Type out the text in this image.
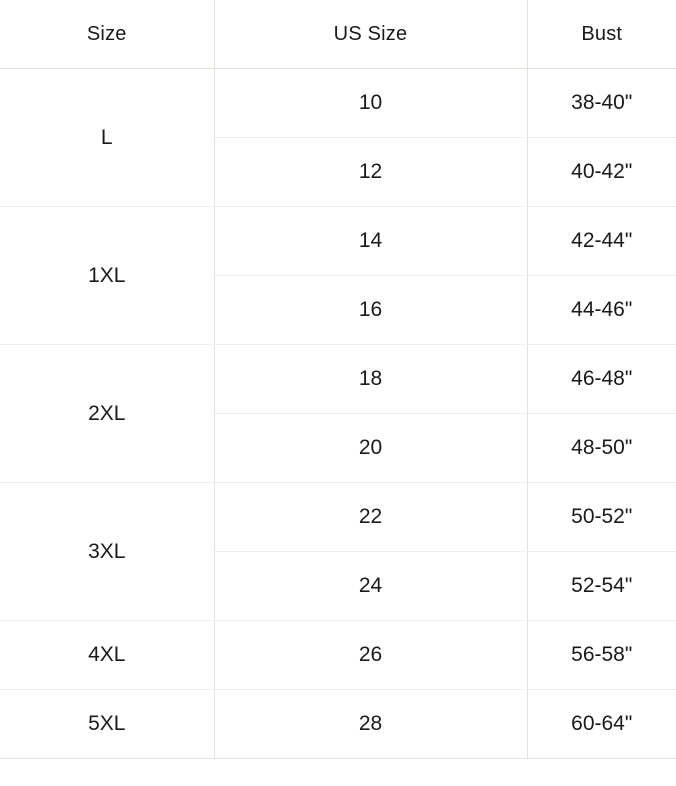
Size	US Size	Bust
L	10	38-40"
	12	40-42"
1XL	14	42-44"
	16	44-46"
2XL	18	46-48"
	20	48-50"
3XL	22	50-52"
	24	52-54"
4XL	26	56-58"
5XL	28	60-64"
